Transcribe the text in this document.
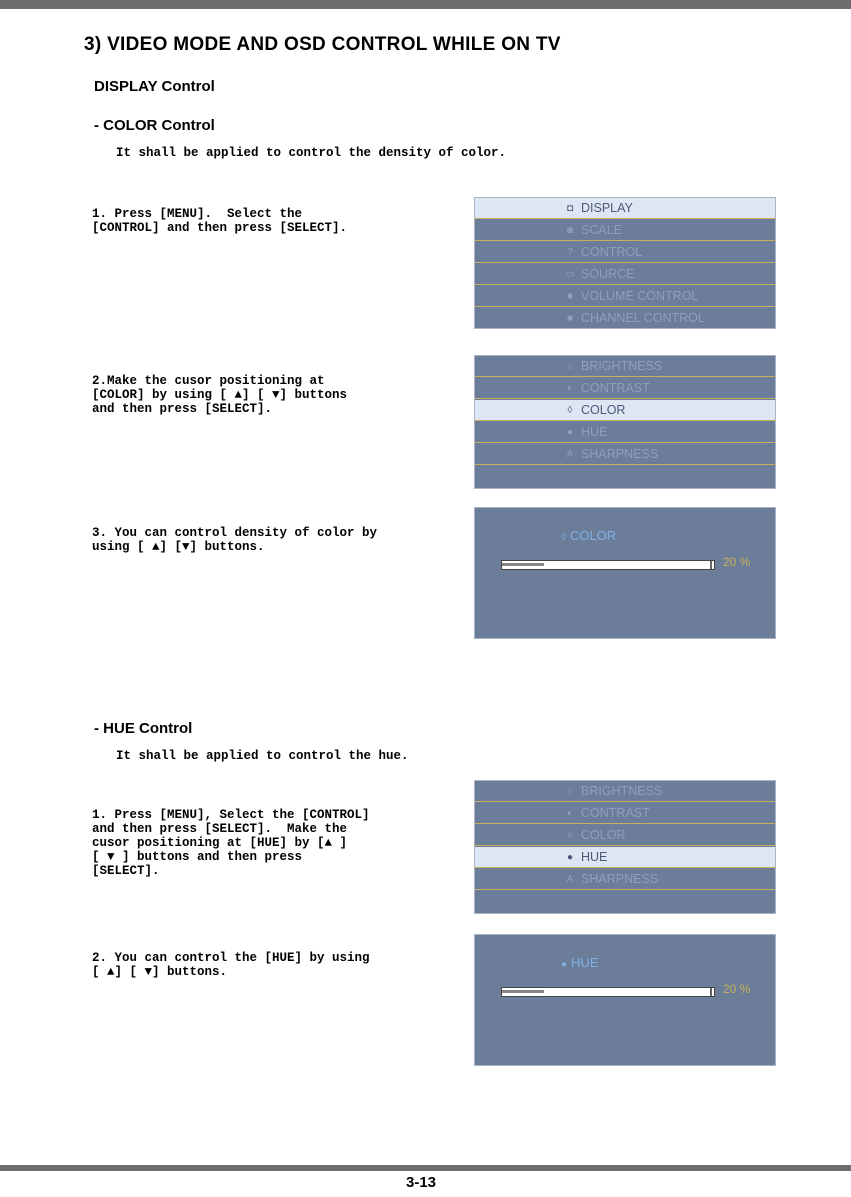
3) VIDEO MODE AND OSD CONTROL WHILE ON TV

DISPLAY Control

- COLOR Control

It shall be applied to control the density of color.

1. Press [MENU].  Select the
[CONTROL] and then press [SELECT].

2.Make the cusor positioning at
[COLOR] by using [ ▲] [ ▼] buttons
and then press [SELECT].

3. You can control density of color by
using [ ▲] [▼] buttons.

◘ DISPLAY
◙ SCALE
? CONTROL
▭ SOURCE
■ VOLUME CONTROL
■ CHANNEL CONTROL
☼ BRIGHTNESS
◐ CONTRAST
◊ COLOR
● HUE
A SHARPNESS
◊ COLOR
20 %

- HUE Control

It shall be applied to control the hue.

1. Press [MENU], Select the [CONTROL]
and then press [SELECT].  Make the
cusor positioning at [HUE] by [▲ ]
[ ▼ ] buttons and then press
[SELECT].

2. You can control the [HUE] by using
[ ▲] [ ▼] buttons.

☼ BRIGHTNESS
◐ CONTRAST
◊ COLOR
● HUE
A SHARPNESS
● HUE
20 %

3-13
